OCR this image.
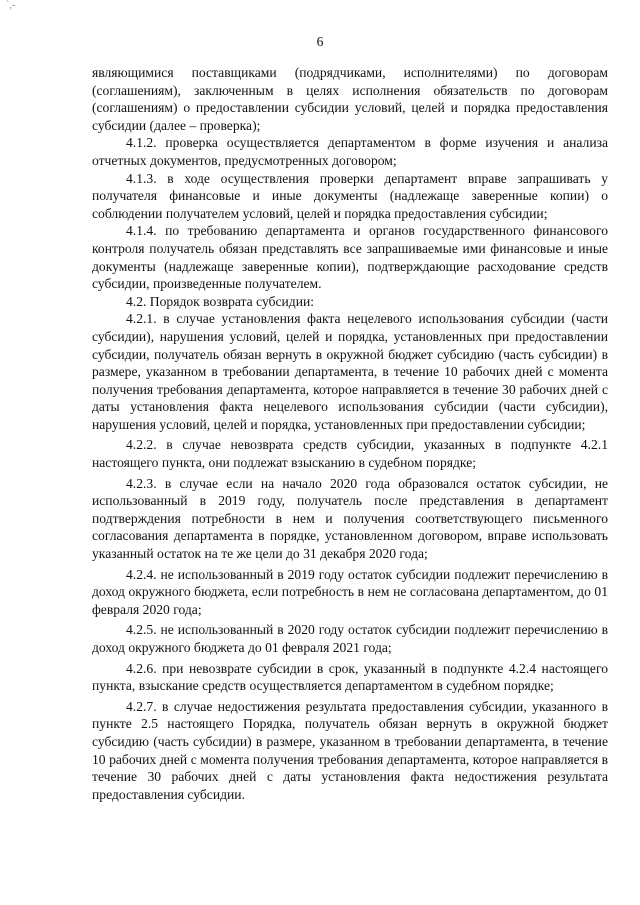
`,-
6

являющимися поставщиками (подрядчиками, исполнителями) по договорам (соглашениям), заключенным в целях исполнения обязательств по договорам (соглашениям) о предоставлении субсидии условий, целей и порядка предоставления субсидии (далее – проверка);

4.1.2. проверка осуществляется департаментом в форме изучения и анализа отчетных документов, предусмотренных договором;

4.1.3. в ходе осуществления проверки департамент вправе запрашивать у получателя финансовые и иные документы (надлежаще заверенные копии) о соблюдении получателем условий, целей и порядка предоставления субсидии;

4.1.4. по требованию департамента и органов государственного финансового контроля получатель обязан представлять все запрашиваемые ими финансовые и иные документы (надлежаще заверенные копии), подтверждающие расходование средств субсидии, произведенные получателем.

4.2. Порядок возврата субсидии:

4.2.1. в случае установления факта нецелевого использования субсидии (части субсидии), нарушения условий, целей и порядка, установленных при предоставлении субсидии, получатель обязан вернуть в окружной бюджет субсидию (часть субсидии) в размере, указанном в требовании департамента, в течение 10 рабочих дней с момента получения требования департамента, которое направляется в течение 30 рабочих дней с даты установления факта нецелевого использования субсидии (части субсидии), нарушения условий, целей и порядка, установленных при предоставлении субсидии;

4.2.2. в случае невозврата средств субсидии, указанных в подпункте 4.2.1 настоящего пункта, они подлежат взысканию в судебном порядке;

4.2.3. в случае если на начало 2020 года образовался остаток субсидии, не использованный в 2019 году, получатель после представления в департамент подтверждения потребности в нем и получения соответствующего письменного согласования департамента в порядке, установленном договором, вправе использовать указанный остаток на те же цели до 31 декабря 2020 года;

4.2.4. не использованный в 2019 году остаток субсидии подлежит перечислению в доход окружного бюджета, если потребность в нем не согласована департаментом, до 01 февраля 2020 года;

4.2.5. не использованный в 2020 году остаток субсидии подлежит перечислению в доход окружного бюджета до 01 февраля 2021 года;

4.2.6. при невозврате субсидии в срок, указанный в подпункте 4.2.4 настоящего пункта, взыскание средств осуществляется департаментом в судебном порядке;

4.2.7. в случае недостижения результата предоставления субсидии, указанного в пункте 2.5 настоящего Порядка, получатель обязан вернуть в окружной бюджет субсидию (часть субсидии) в размере, указанном в требовании департамента, в течение 10 рабочих дней с момента получения требования департамента, которое направляется в течение 30 рабочих дней с даты установления факта недостижения результата предоставления субсидии.
